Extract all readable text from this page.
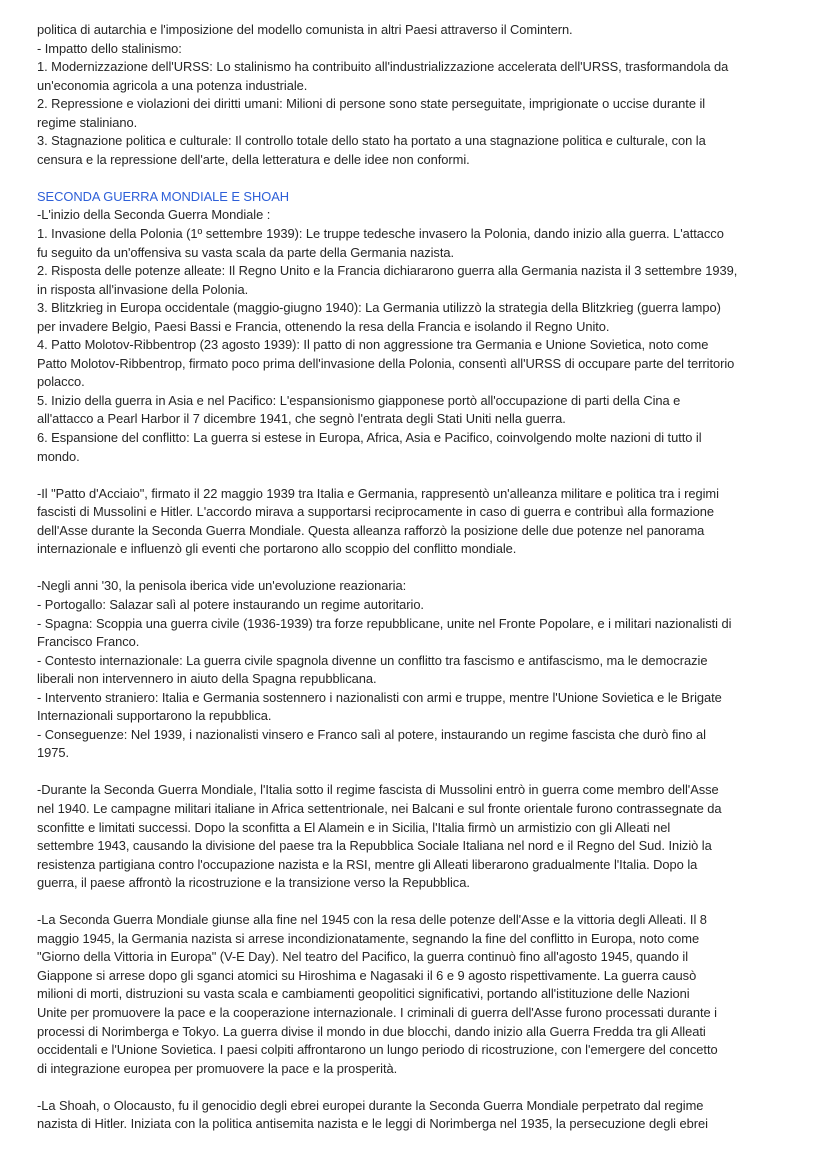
politica di autarchia e l'imposizione del modello comunista in altri Paesi attraverso il Comintern.
- Impatto dello stalinismo:
1. Modernizzazione dell'URSS: Lo stalinismo ha contribuito all'industrializzazione accelerata dell'URSS, trasformandola da
un'economia agricola a una potenza industriale.
2. Repressione e violazioni dei diritti umani: Milioni di persone sono state perseguitate, imprigionate o uccise durante il
regime staliniano.
3. Stagnazione politica e culturale: Il controllo totale dello stato ha portato a una stagnazione politica e culturale, con la
censura e la repressione dell'arte, della letteratura e delle idee non conformi.
SECONDA GUERRA MONDIALE E SHOAH
-L'inizio della Seconda Guerra Mondiale :
1. Invasione della Polonia (1º settembre 1939): Le truppe tedesche invasero la Polonia, dando inizio alla guerra. L'attacco
fu seguito da un'offensiva su vasta scala da parte della Germania nazista.
2. Risposta delle potenze alleate: Il Regno Unito e la Francia dichiararono guerra alla Germania nazista il 3 settembre 1939,
in risposta all'invasione della Polonia.
3. Blitzkrieg in Europa occidentale (maggio-giugno 1940): La Germania utilizzò la strategia della Blitzkrieg (guerra lampo)
per invadere Belgio, Paesi Bassi e Francia, ottenendo la resa della Francia e isolando il Regno Unito.
4. Patto Molotov-Ribbentrop (23 agosto 1939): Il patto di non aggressione tra Germania e Unione Sovietica, noto come
Patto Molotov-Ribbentrop, firmato poco prima dell'invasione della Polonia, consentì all'URSS di occupare parte del territorio
polacco.
5. Inizio della guerra in Asia e nel Pacifico: L'espansionismo giapponese portò all'occupazione di parti della Cina e
all'attacco a Pearl Harbor il 7 dicembre 1941, che segnò l'entrata degli Stati Uniti nella guerra.
6. Espansione del conflitto: La guerra si estese in Europa, Africa, Asia e Pacifico, coinvolgendo molte nazioni di tutto il
mondo.
-Il "Patto d'Acciaio", firmato il 22 maggio 1939 tra Italia e Germania, rappresentò un'alleanza militare e politica tra i regimi
fascisti di Mussolini e Hitler. L'accordo mirava a supportarsi reciprocamente in caso di guerra e contribuì alla formazione
dell'Asse durante la Seconda Guerra Mondiale. Questa alleanza rafforzò la posizione delle due potenze nel panorama
internazionale e influenzò gli eventi che portarono allo scoppio del conflitto mondiale.
-Negli anni '30, la penisola iberica vide un'evoluzione reazionaria:
- Portogallo: Salazar salì al potere instaurando un regime autoritario.
- Spagna: Scoppia una guerra civile (1936-1939) tra forze repubblicane, unite nel Fronte Popolare, e i militari nazionalisti di
Francisco Franco.
- Contesto internazionale: La guerra civile spagnola divenne un conflitto tra fascismo e antifascismo, ma le democrazie
liberali non intervennero in aiuto della Spagna repubblicana.
- Intervento straniero: Italia e Germania sostennero i nazionalisti con armi e truppe, mentre l'Unione Sovietica e le Brigate
Internazionali supportarono la repubblica.
- Conseguenze: Nel 1939, i nazionalisti vinsero e Franco salì al potere, instaurando un regime fascista che durò fino al
1975.
-Durante la Seconda Guerra Mondiale, l'Italia sotto il regime fascista di Mussolini entrò in guerra come membro dell'Asse
nel 1940. Le campagne militari italiane in Africa settentrionale, nei Balcani e sul fronte orientale furono contrassegnate da
sconfitte e limitati successi. Dopo la sconfitta a El Alamein e in Sicilia, l'Italia firmò un armistizio con gli Alleati nel
settembre 1943, causando la divisione del paese tra la Repubblica Sociale Italiana nel nord e il Regno del Sud. Iniziò la
resistenza partigiana contro l'occupazione nazista e la RSI, mentre gli Alleati liberarono gradualmente l'Italia. Dopo la
guerra, il paese affrontò la ricostruzione e la transizione verso la Repubblica.
-La Seconda Guerra Mondiale giunse alla fine nel 1945 con la resa delle potenze dell'Asse e la vittoria degli Alleati. Il 8
maggio 1945, la Germania nazista si arrese incondizionatamente, segnando la fine del conflitto in Europa, noto come
"Giorno della Vittoria in Europa" (V-E Day). Nel teatro del Pacifico, la guerra continuò fino all'agosto 1945, quando il
Giappone si arrese dopo gli sganci atomici su Hiroshima e Nagasaki il 6 e 9 agosto rispettivamente. La guerra causò
milioni di morti, distruzioni su vasta scala e cambiamenti geopolitici significativi, portando all'istituzione delle Nazioni
Unite per promuovere la pace e la cooperazione internazionale. I criminali di guerra dell'Asse furono processati durante i
processi di Norimberga e Tokyo. La guerra divise il mondo in due blocchi, dando inizio alla Guerra Fredda tra gli Alleati
occidentali e l'Unione Sovietica. I paesi colpiti affrontarono un lungo periodo di ricostruzione, con l'emergere del concetto
di integrazione europea per promuovere la pace e la prosperità.
-La Shoah, o Olocausto, fu il genocidio degli ebrei europei durante la Seconda Guerra Mondiale perpetrato dal regime
nazista di Hitler. Iniziata con la politica antisemita nazista e le leggi di Norimberga nel 1935, la persecuzione degli ebrei
